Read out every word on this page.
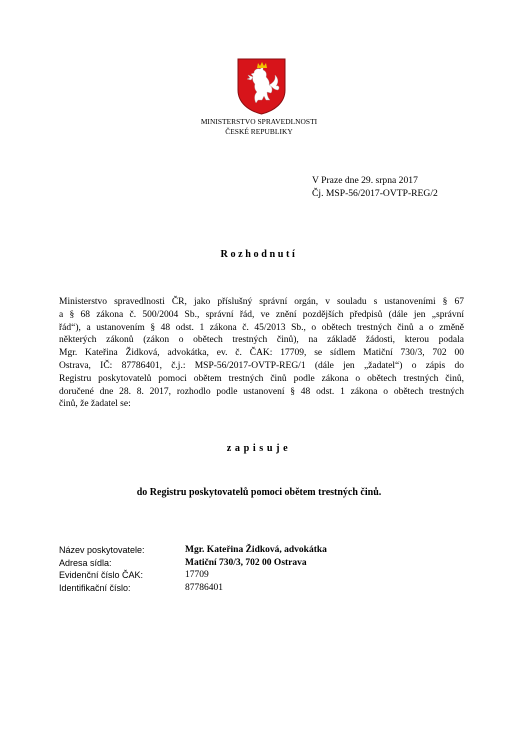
MINISTERSTVO SPRAVEDLNOSTI
ČESKÉ REPUBLIKY
V Praze dne 29. srpna 2017
Čj. MSP-56/2017-OVTP-REG/2
Rozhodnutí
Ministerstvo spravedlnosti ČR, jako příslušný správní orgán, v souladu s ustanoveními § 67
a § 68 zákona č. 500/2004 Sb., správní řád, ve znění pozdějších předpisů (dále jen „správní
řád“), a ustanovením § 48 odst. 1 zákona č. 45/2013 Sb., o obětech trestných činů a o změně
některých zákonů (zákon o obětech trestných činů), na základě žádosti, kterou podala
Mgr. Kateřina Židková, advokátka, ev. č. ČAK: 17709, se sídlem Matiční 730/3, 702 00
Ostrava, IČ: 87786401, č.j.: MSP-56/2017-OVTP-REG/1 (dále jen „žadatel“) o zápis do
Registru poskytovatelů pomoci obětem trestných činů podle zákona o obětech trestných činů,
doručené dne 28. 8. 2017, rozhodlo podle ustanovení § 48 odst. 1 zákona o obětech trestných
činů, že žadatel se:
zapisuje
do Registru poskytovatelů pomoci obětem trestných činů.
Název poskytovatele:	Mgr. Kateřina Židková, advokátka
Adresa sídla:	Matiční 730/3, 702 00 Ostrava
Evidenční číslo ČAK:	17709
Identifikační číslo:	87786401
